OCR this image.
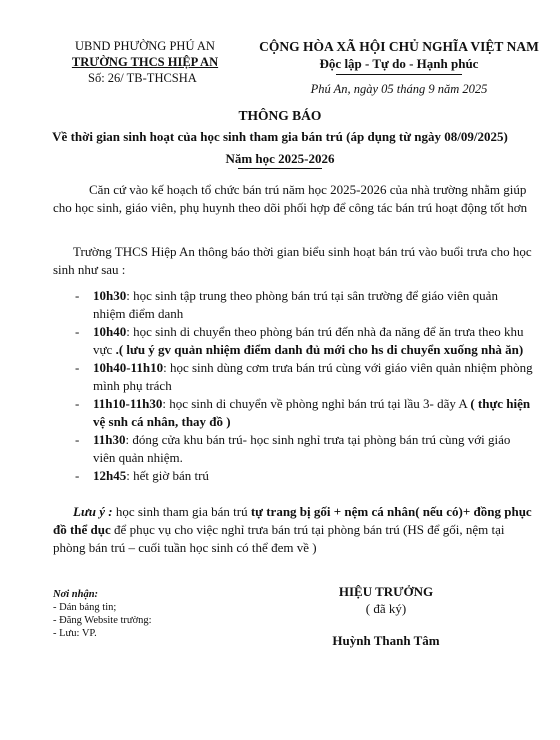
UBND PHƯỜNG PHÚ AN
TRƯỜNG THCS HIỆP AN
Số: 26/ TB-THCSHA
CỘNG HÒA XÃ HỘI CHỦ NGHĨA VIỆT NAM
Độc lập - Tự do - Hạnh phúc
Phú An, ngày 05 tháng 9 năm 2025
THÔNG BÁO
Về thời gian sinh hoạt của học sinh tham gia bán trú (áp dụng từ ngày 08/09/2025)
Năm học 2025-2026
Căn cứ vào kế hoạch tổ chức bán trú năm học 2025-2026 của nhà trường nhằm giúp cho học sinh, giáo viên, phụ huynh theo dõi phối hợp để công tác bán trú hoạt động tốt hơn
Trường THCS Hiệp An thông báo thời gian biểu sinh hoạt bán trú vào buổi trưa cho học sinh như sau :
- 10h30: học sinh tập trung theo phòng bán trú tại sân trường để giáo viên quản nhiệm điểm danh
- 10h40: học sinh di chuyển theo phòng bán trú đến nhà đa năng để ăn trưa theo khu vực .( lưu ý gv quản nhiệm điểm danh đủ mới cho hs di chuyển xuống nhà ăn)
- 10h40-11h10: học sinh dùng cơm trưa bán trú cùng với giáo viên quản nhiệm phòng mình phụ trách
- 11h10-11h30: học sinh di chuyển về phòng nghỉ bán trú tại lầu 3- dãy A ( thực hiện vệ snh cá nhân, thay đồ )
- 11h30: đóng cửa khu bán trú- học sinh nghỉ trưa tại phòng bán trú cùng với giáo viên quản nhiệm.
- 12h45: hết giờ bán trú
Lưu ý : học sinh tham gia bán trú tự trang bị gối + nệm cá nhân( nếu có)+ đồng phục đồ thể dục để phục vụ cho việc nghỉ trưa bán trú tại phòng bán trú (HS để gối, nệm tại phòng bán trú – cuối tuần học sinh có thể đem về )
Nơi nhận:
- Dán bảng tin;
- Đăng Website trường:
- Lưu: VP.
HIỆU TRƯỞNG
( đã ký)
Huỳnh Thanh Tâm
